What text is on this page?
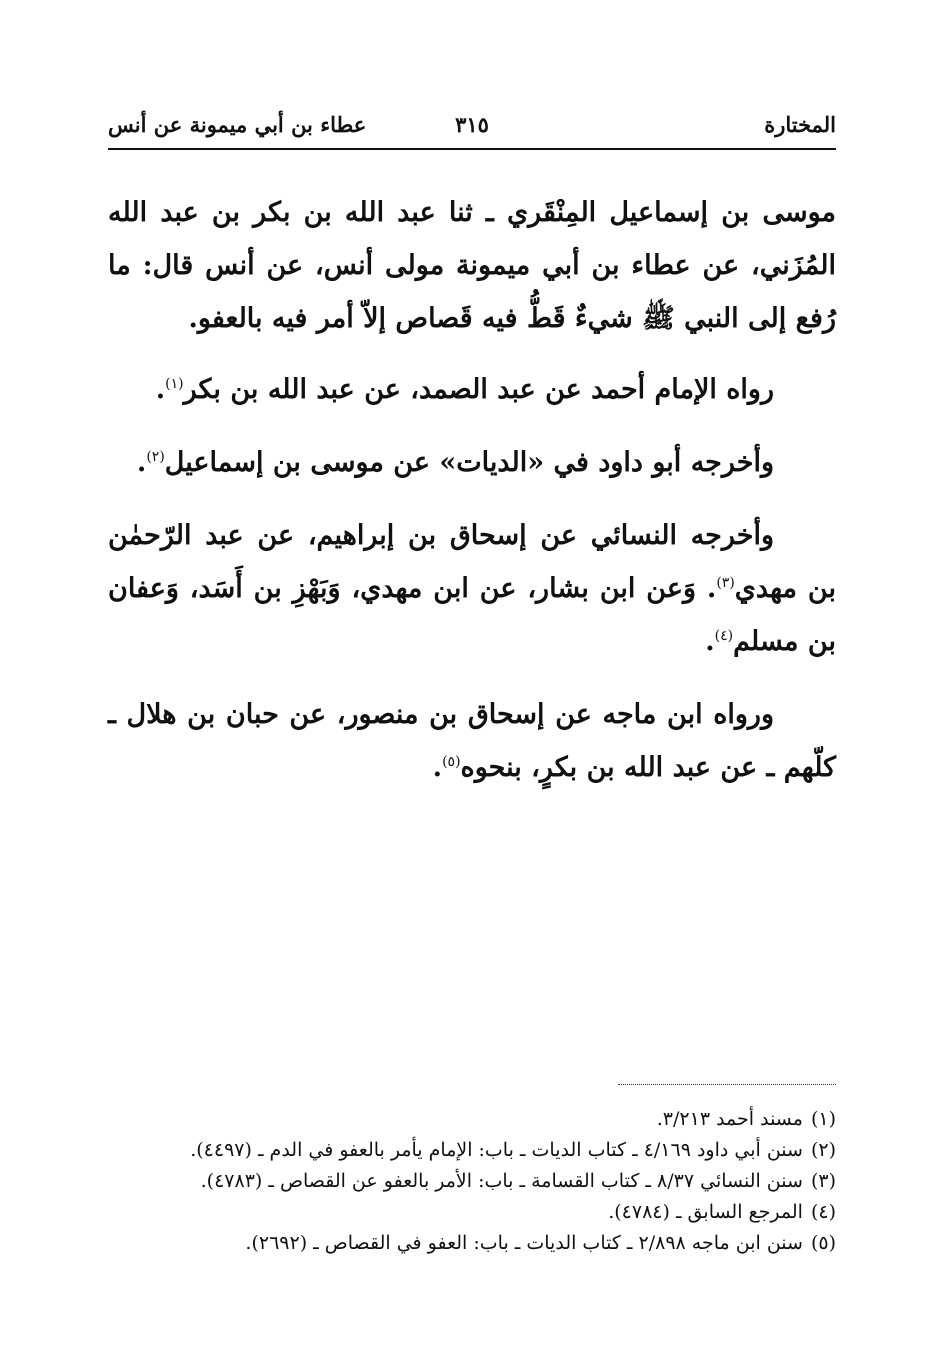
المختارة
٣١٥
عطاء بن أبي ميمونة عن أنس

موسى بن إسماعيل المِنْقَري ـ ثنا عبد الله بن بكر بن عبد الله المُزَني، عن عطاء بن أبي ميمونة مولى أنس، عن أنس قال: ما رُفع إلى النبي ﷺ شيءٌ قَطُّ فيه قَصاص إلاّ أمر فيه بالعفو.

رواه الإمام أحمد عن عبد الصمد، عن عبد الله بن بكر$^{(١)}$.

وأخرجه أبو داود في «الديات» عن موسى بن إسماعيل$^{(٢)}$.

وأخرجه النسائي عن إسحاق بن إبراهيم، عن عبد الرّحمٰن بن مهدي$^{(٣)}$. وَعن ابن بشار، عن ابن مهدي، وَبَهْزِ بن أَسَد، وَعفان بن مسلم$^{(٤)}$.

ورواه ابن ماجه عن إسحاق بن منصور، عن حبان بن هلال ـ كلّهم ـ عن عبد الله بن بكرٍ، بنحوه$^{(٥)}$.

(١)مسند أحمد ٣/٢١٣.

(٢)سنن أبي داود ٤/١٦٩ ـ كتاب الديات ـ باب: الإمام يأمر بالعفو في الدم ـ (٤٤٩٧).

(٣)سنن النسائي ٨/٣٧ ـ كتاب القسامة ـ باب: الأمر بالعفو عن القصاص ـ (٤٧٨٣).

(٤)المرجع السابق ـ (٤٧٨٤).

(٥)سنن ابن ماجه ٢/٨٩٨ ـ كتاب الديات ـ باب: العفو في القصاص ـ (٢٦٩٢).
